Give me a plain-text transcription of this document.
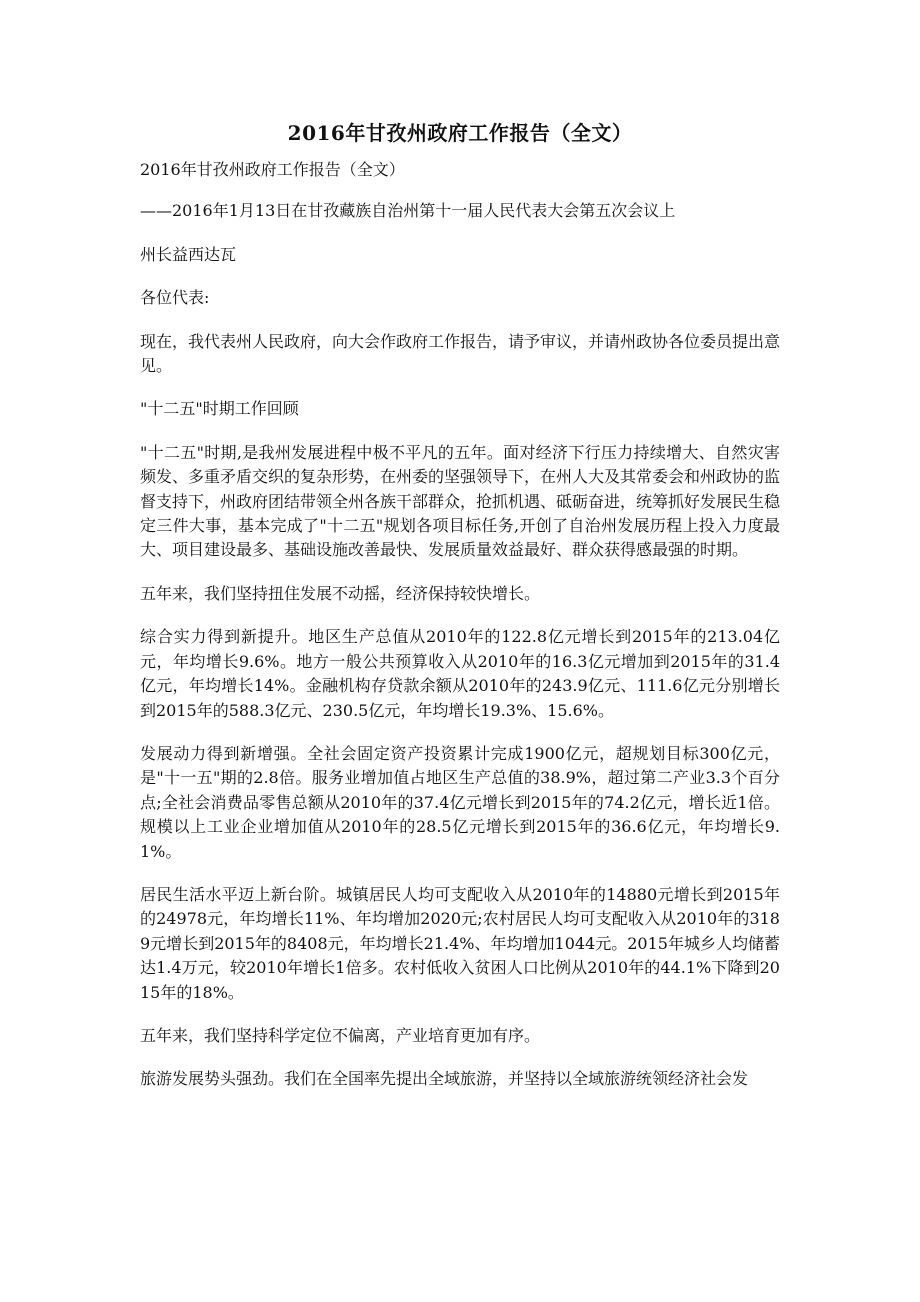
2016年甘孜州政府工作报告（全文）
2016年甘孜州政府工作报告（全文）
——2016年1月13日在甘孜藏族自治州第十一届人民代表大会第五次会议上
州长益西达瓦
各位代表:
现在，我代表州人民政府，向大会作政府工作报告，请予审议，并请州政协各位委员提出意见。
"十二五"时期工作回顾
"十二五"时期,是我州发展进程中极不平凡的五年。面对经济下行压力持续增大、自然灾害频发、多重矛盾交织的复杂形势，在州委的坚强领导下，在州人大及其常委会和州政协的监督支持下，州政府团结带领全州各族干部群众，抢抓机遇、砥砺奋进，统筹抓好发展民生稳定三件大事，基本完成了"十二五"规划各项目标任务,开创了自治州发展历程上投入力度最大、项目建设最多、基础设施改善最快、发展质量效益最好、群众获得感最强的时期。
五年来，我们坚持扭住发展不动摇，经济保持较快增长。
综合实力得到新提升。地区生产总值从2010年的122.8亿元增长到2015年的213.04亿元，年均增长9.6%。地方一般公共预算收入从2010年的16.3亿元增加到2015年的31.4亿元，年均增长14%。金融机构存贷款余额从2010年的243.9亿元、111.6亿元分别增长到2015年的588.3亿元、230.5亿元，年均增长19.3%、15.6%。
发展动力得到新增强。全社会固定资产投资累计完成1900亿元，超规划目标300亿元，是"十一五"期的2.8倍。服务业增加值占地区生产总值的38.9%，超过第二产业3.3个百分点;全社会消费品零售总额从2010年的37.4亿元增长到2015年的74.2亿元，增长近1倍。规模以上工业企业增加值从2010年的28.5亿元增长到2015年的36.6亿元，年均增长9.1%。
居民生活水平迈上新台阶。城镇居民人均可支配收入从2010年的14880元增长到2015年的24978元，年均增长11%、年均增加2020元;农村居民人均可支配收入从2010年的3189元增长到2015年的8408元，年均增长21.4%、年均增加1044元。2015年城乡人均储蓄达1.4万元，较2010年增长1倍多。农村低收入贫困人口比例从2010年的44.1%下降到2015年的18%。
五年来，我们坚持科学定位不偏离，产业培育更加有序。
旅游发展势头强劲。我们在全国率先提出全域旅游，并坚持以全域旅游统领经济社会发
